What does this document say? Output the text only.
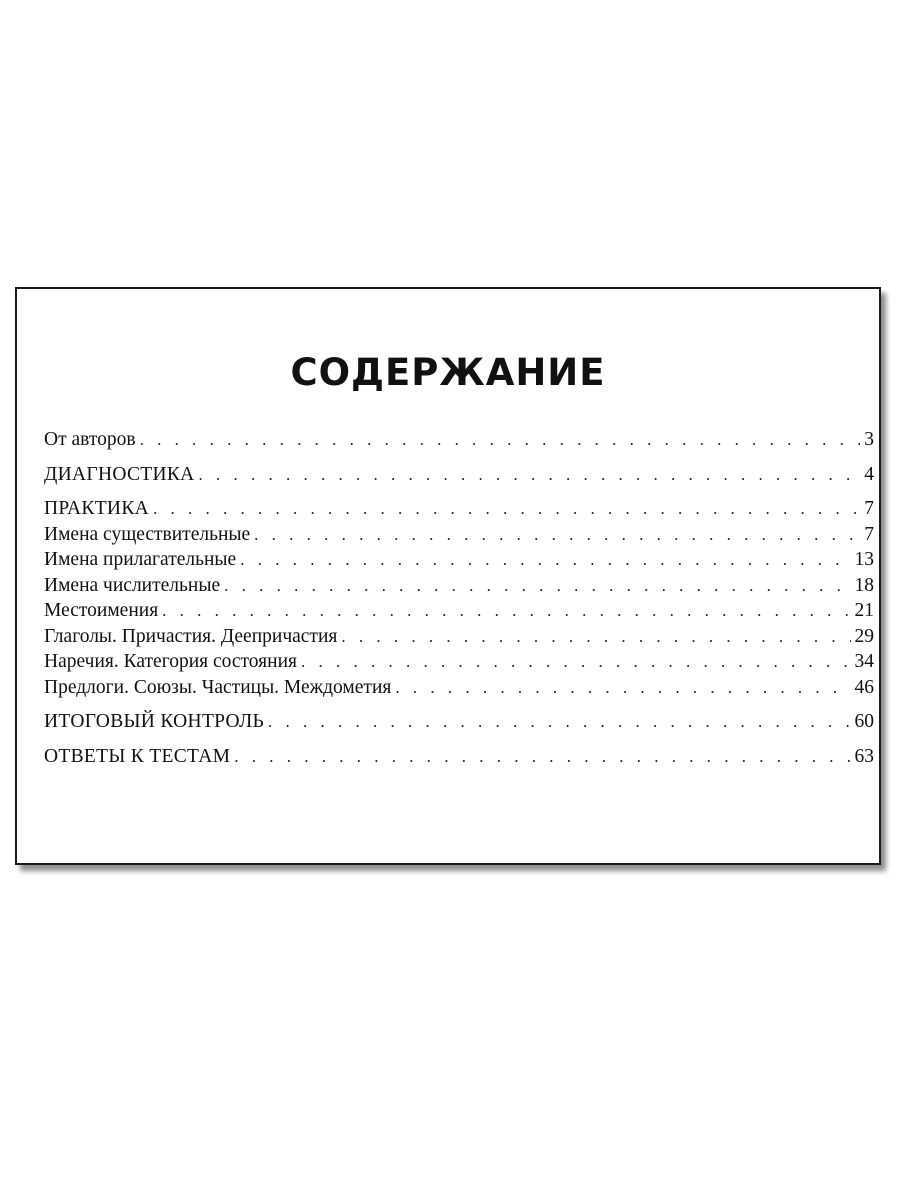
СОДЕРЖАНИЕ
От авторов . . .	3
ДИАГНОСТИКА . . .	4
ПРАКТИКА . . .	7
Имена существительные . . .	7
Имена прилагательные . . .	13
Имена числительные . . .	18
Местоимения . . .	21
Глаголы. Причастия. Деепричастия . . .	29
Наречия. Категория состояния . . .	34
Предлоги. Союзы. Частицы. Междометия . . .	46
ИТОГОВЫЙ КОНТРОЛЬ . . .	60
ОТВЕТЫ К ТЕСТАМ . . .	63
